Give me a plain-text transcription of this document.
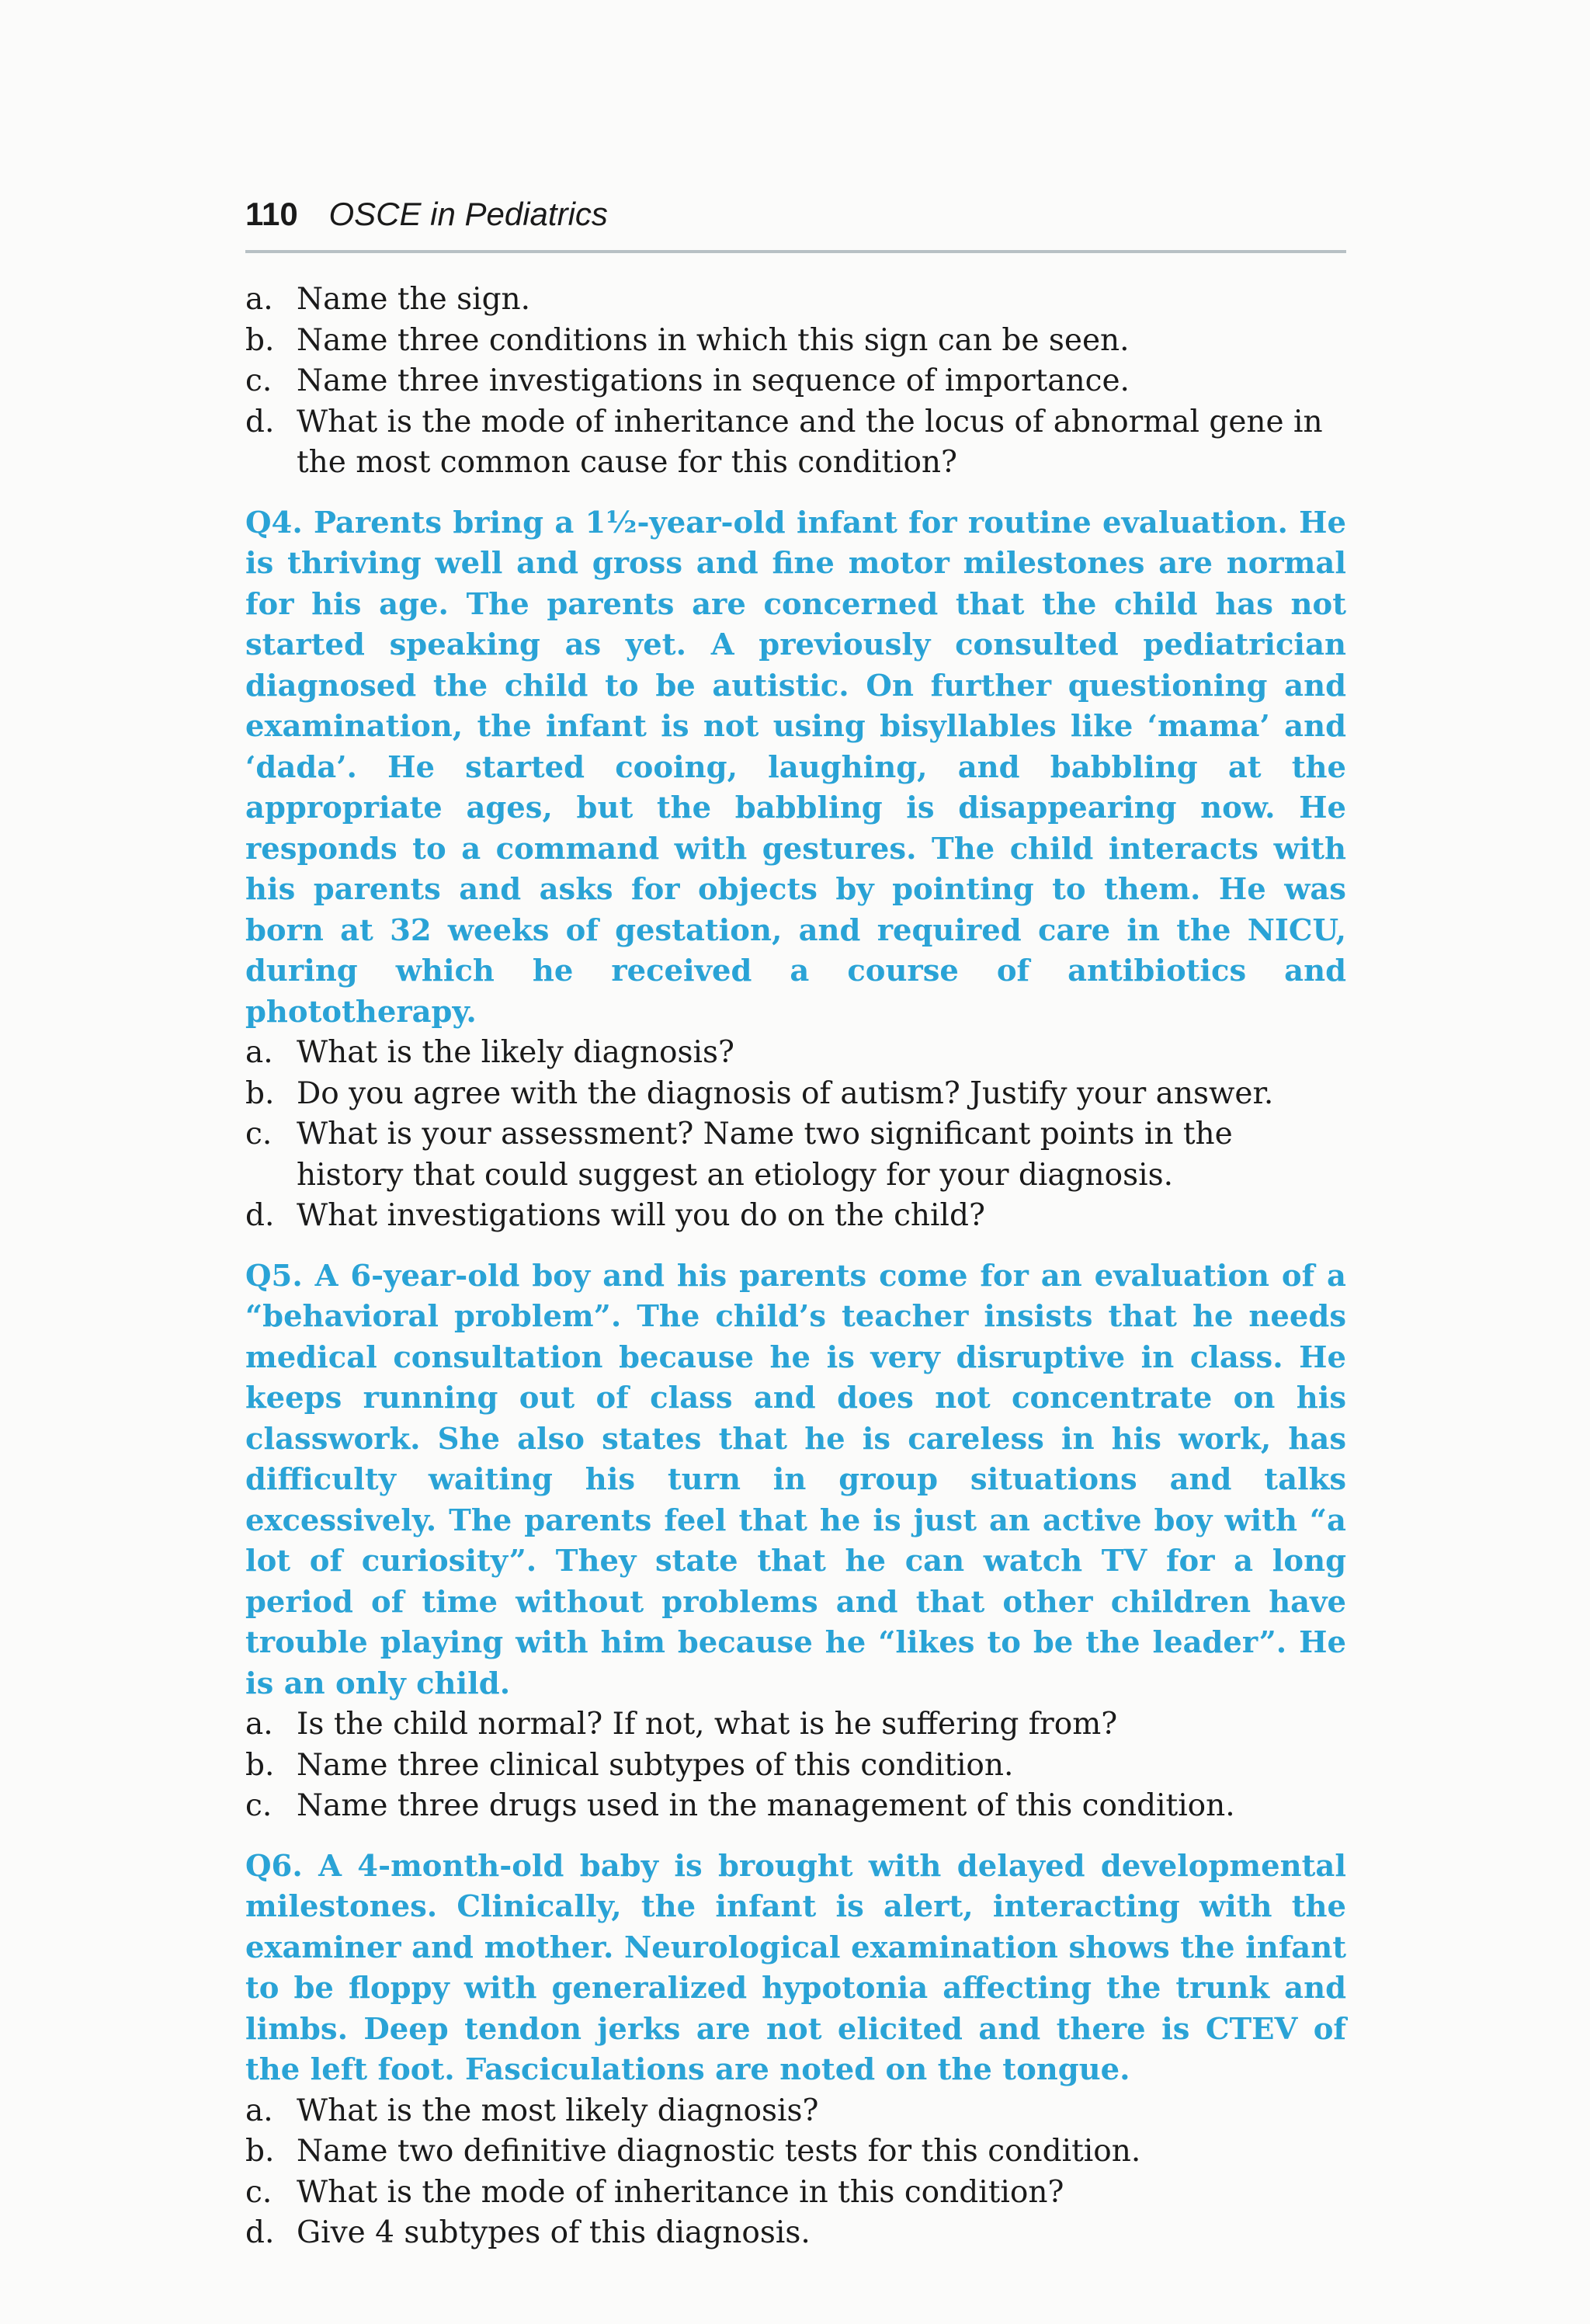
110 OSCE in Pediatrics
a. Name the sign.
b. Name three conditions in which this sign can be seen.
c. Name three investigations in sequence of importance.
d. What is the mode of inheritance and the locus of abnormal gene in the most common cause for this condition?

Q4. Parents bring a 1½-year-old infant for routine evaluation. He is thriving well and gross and fine motor milestones are normal for his age. The parents are concerned that the child has not started speaking as yet. A previously consulted pediatrician diagnosed the child to be autistic. On further questioning and examination, the infant is not using bisyllables like ‘mama’ and ‘dada’. He started cooing, laughing, and babbling at the appropriate ages, but the babbling is disappearing now. He responds to a command with gestures. The child interacts with his parents and asks for objects by pointing to them. He was born at 32 weeks of gestation, and required care in the NICU, during which he received a course of antibiotics and phototherapy.

a. What is the likely diagnosis?
b. Do you agree with the diagnosis of autism? Justify your answer.
c. What is your assessment? Name two significant points in the history that could suggest an etiology for your diagnosis.
d. What investigations will you do on the child?

Q5. A 6-year-old boy and his parents come for an evaluation of a “behavioral problem”. The child’s teacher insists that he needs medical consultation because he is very disruptive in class. He keeps running out of class and does not concentrate on his classwork. She also states that he is careless in his work, has difficulty waiting his turn in group situations and talks excessively. The parents feel that he is just an active boy with “a lot of curiosity”. They state that he can watch TV for a long period of time without problems and that other children have trouble playing with him because he “likes to be the leader”. He is an only child.

a. Is the child normal? If not, what is he suffering from?
b. Name three clinical subtypes of this condition.
c. Name three drugs used in the management of this condition.

Q6. A 4-month-old baby is brought with delayed developmental milestones. Clinically, the infant is alert, interacting with the examiner and mother. Neurological examination shows the infant to be floppy with generalized hypotonia affecting the trunk and limbs. Deep tendon jerks are not elicited and there is CTEV of the left foot. Fasciculations are noted on the tongue.

a. What is the most likely diagnosis?
b. Name two definitive diagnostic tests for this condition.
c. What is the mode of inheritance in this condition?
d. Give 4 subtypes of this diagnosis.
